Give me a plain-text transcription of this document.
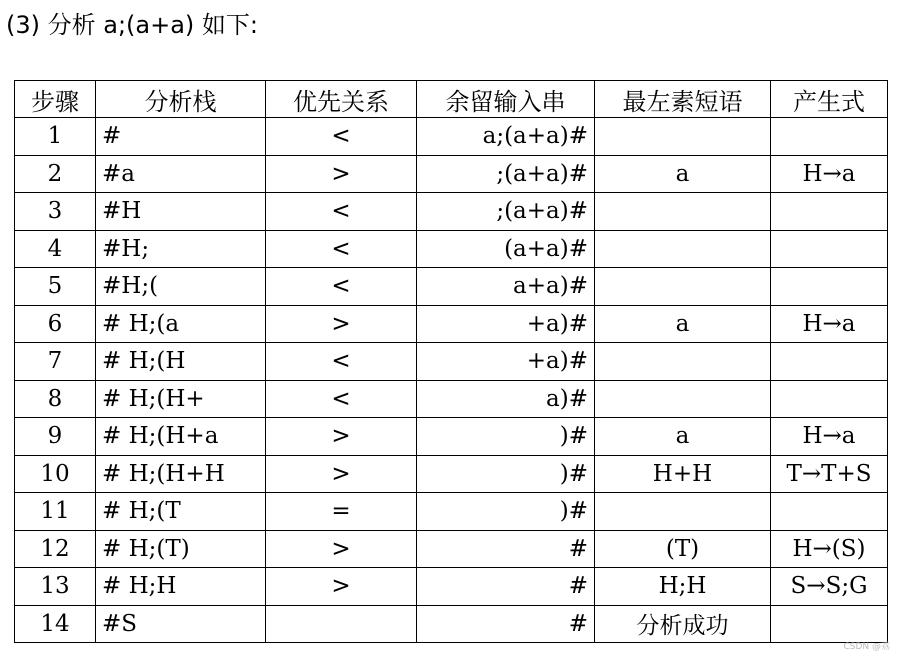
(3) 分析 a;(a+a) 如下:
步骤	分析栈	优先关系	余留输入串	最左素短语	产生式
1	#	<	a;(a+a)#		
2	#a	>	;(a+a)#	a	H→a
3	#H	<	;(a+a)#		
4	#H;	<	(a+a)#		
5	#H;(	<	a+a)#		
6	# H;(a	>	+a)#	a	H→a
7	# H;(H	<	+a)#		
8	# H;(H+	<	a)#		
9	# H;(H+a	>	)#	a	H→a
10	# H;(H+H	>	)#	H+H	T→T+S
11	# H;(T	=	)#		
12	# H;(T)	>	#	(T)	H→(S)
13	# H;H	>	#	H;H	S→S;G
14	#S		#	分析成功	
CSDN @荔
